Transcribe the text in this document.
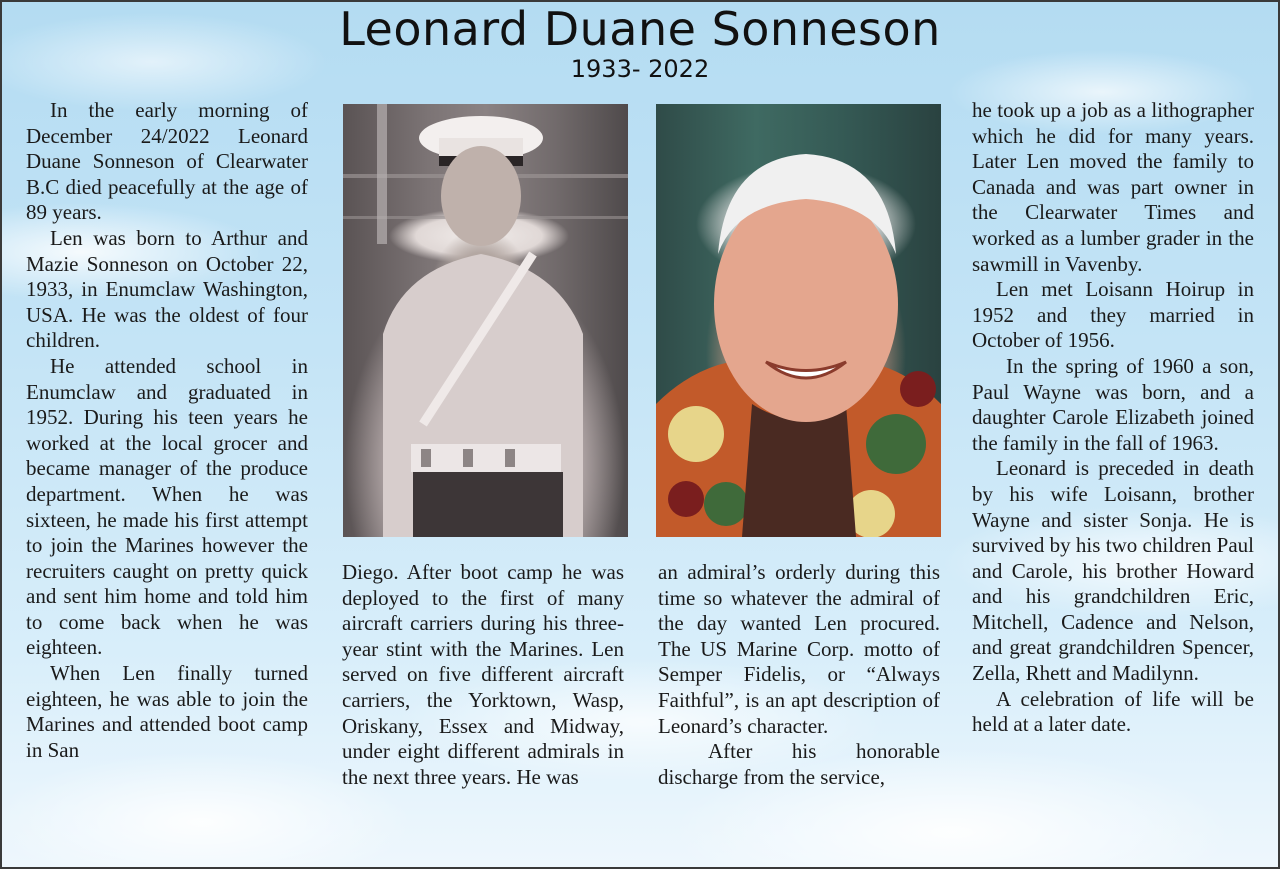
Leonard Duane Sonneson
1933- 2022

In the early morning of December 24/2022 Leonard Duane Sonneson of Clearwater B.C died peacefully at the age of 89 years.

Len was born to Arthur and Mazie Sonneson on October 22, 1933, in Enumclaw Washington, USA. He was the oldest of four children.

He attended school in Enumclaw and graduated in 1952. During his teen years he worked at the local grocer and became manager of the produce department. When he was sixteen, he made his first attempt to join the Marines however the recruiters caught on pretty quick and sent him home and told him to come back when he was eighteen.

When Len finally turned eighteen, he was able to join the Marines and attended boot camp in San

Diego. After boot camp he was deployed to the first of many aircraft carriers during his three-year stint with the Marines. Len served on five different aircraft carriers, the Yorktown, Wasp, Oriskany, Essex and Midway, under eight different admirals in the next three years. He was

an admiral’s orderly during this time so whatever the admiral of the day wanted Len procured. The US Marine Corp. motto of Semper Fidelis, or “Always Faithful”, is an apt description of Leonard’s character.

After his honorable discharge from the service,

he took up a job as a lithographer which he did for many years. Later Len moved the family to Canada and was part owner in the Clearwater Times and worked as a lumber grader in the sawmill in Vavenby.

Len met Loisann Hoirup in 1952 and they married in October of 1956.

In the spring of 1960 a son, Paul Wayne was born, and a daughter Carole Elizabeth joined the family in the fall of 1963.

Leonard is preceded in death by his wife Loisann, brother Wayne and sister Sonja. He is survived by his two children Paul and Carole, his brother Howard and his grandchildren Eric, Mitchell, Cadence and Nelson, and great grandchildren Spencer, Zella, Rhett and Madilynn.

A celebration of life will be held at a later date.
